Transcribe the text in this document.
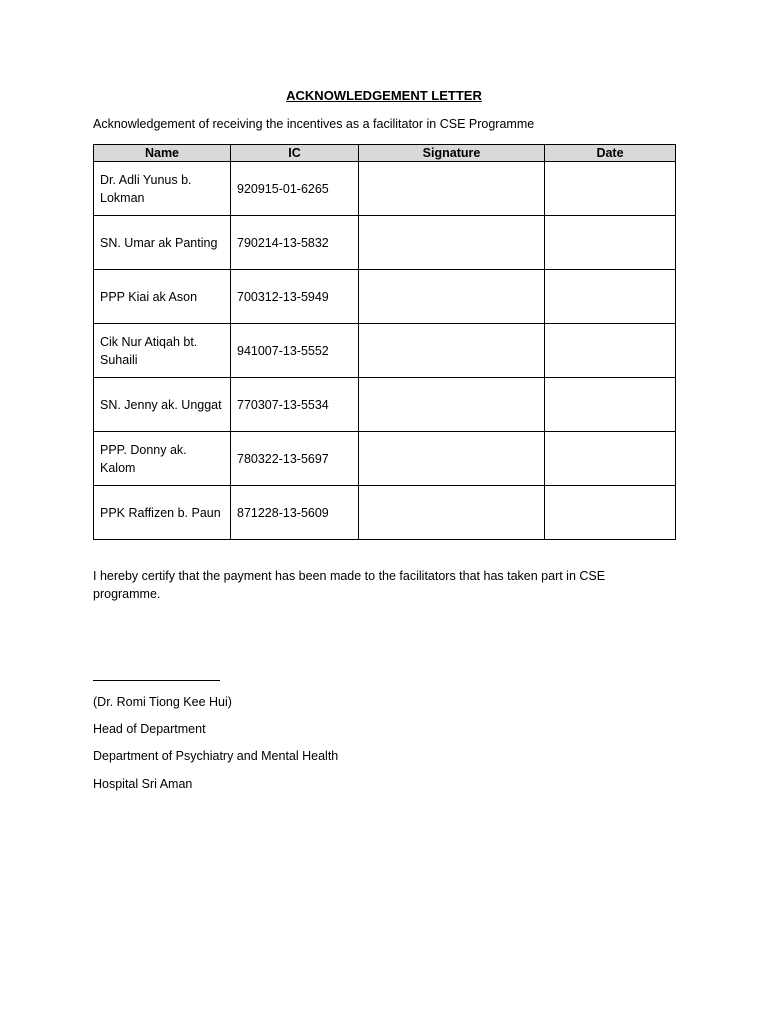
ACKNOWLEDGEMENT LETTER

Acknowledgement of receiving the incentives as a facilitator in CSE Programme

Name	IC	Signature	Date
Dr. Adli Yunus b. Lokman	920915-01-6265		
SN. Umar ak Panting	790214-13-5832		
PPP Kiai ak Ason	700312-13-5949		
Cik Nur Atiqah bt. Suhaili	941007-13-5552		
SN. Jenny ak. Unggat	770307-13-5534		
PPP. Donny ak. Kalom	780322-13-5697		
PPK Raffizen b. Paun	871228-13-5609		

I hereby certify that the payment has been made to the facilitators that has taken part in CSE programme.

(Dr. Romi Tiong Kee Hui)

Head of Department

Department of Psychiatry and Mental Health

Hospital Sri Aman
